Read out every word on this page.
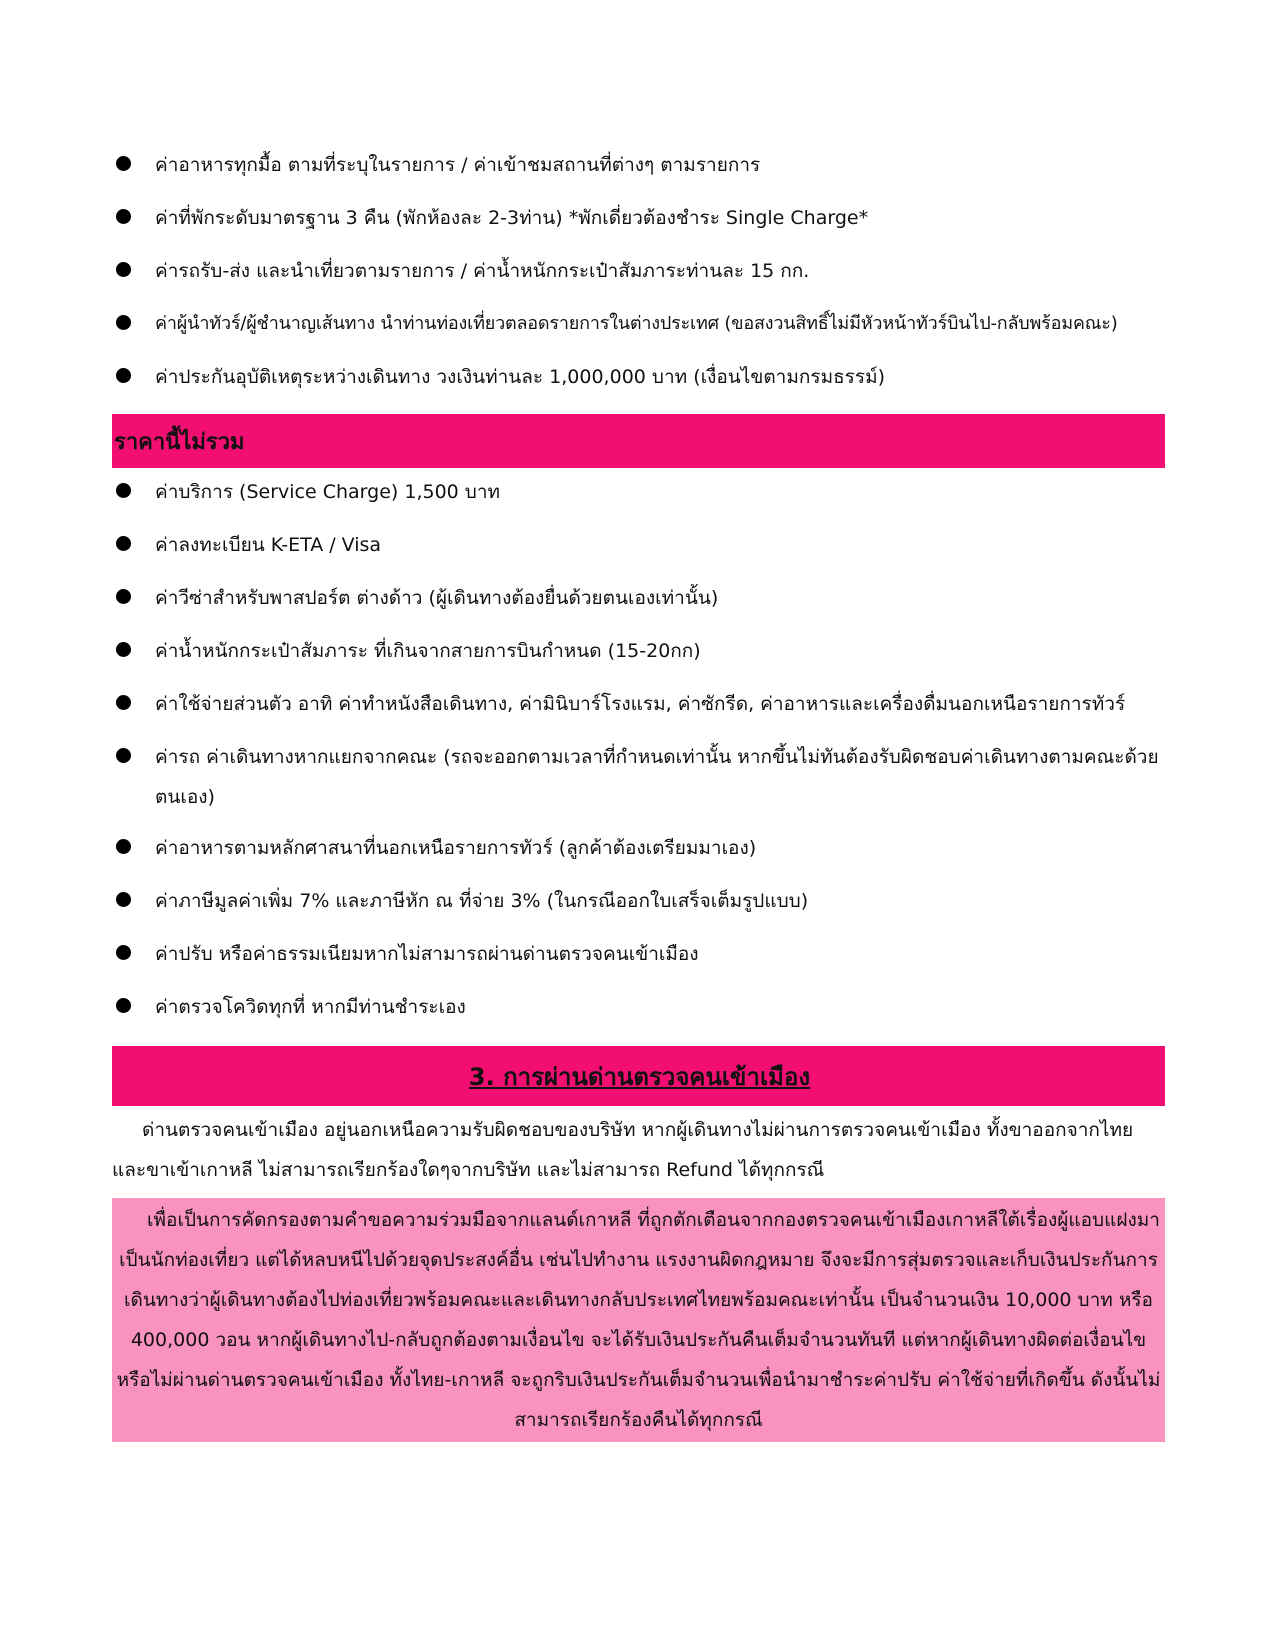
ค่าอาหารทุกมื้อ ตามที่ระบุในรายการ / ค่าเข้าชมสถานที่ต่างๆ ตามรายการ
ค่าที่พักระดับมาตรฐาน 3 คืน (พักห้องละ 2-3ท่าน) *พักเดี่ยวต้องชำระ Single Charge*
ค่ารถรับ-ส่ง และนำเที่ยวตามรายการ / ค่าน้ำหนักกระเป๋าสัมภาระท่านละ 15 กก.
ค่าผู้นำทัวร์/ผู้ชำนาญเส้นทาง นำท่านท่องเที่ยวตลอดรายการในต่างประเทศ (ขอสงวนสิทธิ์ไม่มีหัวหน้าทัวร์บินไป-กลับพร้อมคณะ)
ค่าประกันอุบัติเหตุระหว่างเดินทาง วงเงินท่านละ 1,000,000 บาท (เงื่อนไขตามกรมธรรม์)
ราคานี้ไม่รวม
ค่าบริการ (Service Charge) 1,500 บาท
ค่าลงทะเบียน K-ETA / Visa
ค่าวีซ่าสำหรับพาสปอร์ต ต่างด้าว (ผู้เดินทางต้องยื่นด้วยตนเองเท่านั้น)
ค่าน้ำหนักกระเป๋าสัมภาระ ที่เกินจากสายการบินกำหนด (15-20กก)
ค่าใช้จ่ายส่วนตัว อาทิ ค่าทำหนังสือเดินทาง, ค่ามินิบาร์โรงแรม, ค่าซักรีด, ค่าอาหารและเครื่องดื่มนอกเหนือรายการทัวร์
ค่ารถ ค่าเดินทางหากแยกจากคณะ (รถจะออกตามเวลาที่กำหนดเท่านั้น หากขึ้นไม่ทันต้องรับผิดชอบค่าเดินทางตามคณะด้วยตนเอง)
ค่าอาหารตามหลักศาสนาที่นอกเหนือรายการทัวร์ (ลูกค้าต้องเตรียมมาเอง)
ค่าภาษีมูลค่าเพิ่ม 7% และภาษีหัก ณ ที่จ่าย 3% (ในกรณีออกใบเสร็จเต็มรูปแบบ)
ค่าปรับ หรือค่าธรรมเนียมหากไม่สามารถผ่านด่านตรวจคนเข้าเมือง
ค่าตรวจโควิดทุกที่ หากมีท่านชำระเอง
3. การผ่านด่านตรวจคนเข้าเมือง

ด่านตรวจคนเข้าเมือง อยู่นอกเหนือความรับผิดชอบของบริษัท หากผู้เดินทางไม่ผ่านการตรวจคนเข้าเมือง ทั้งขาออกจากไทย และขาเข้าเกาหลี ไม่สามารถเรียกร้องใดๆจากบริษัท และไม่สามารถ Refund ได้ทุกกรณี

เพื่อเป็นการคัดกรองตามคำขอความร่วมมือจากแลนด์เกาหลี ที่ถูกตักเตือนจากกองตรวจคนเข้าเมืองเกาหลีใต้เรื่องผู้แอบแฝงมาเป็นนักท่องเที่ยว แต่ได้หลบหนีไปด้วยจุดประสงค์อื่น เช่นไปทำงาน แรงงานผิดกฎหมาย จึงจะมีการสุ่มตรวจและเก็บเงินประกันการเดินทางว่าผู้เดินทางต้องไปท่องเที่ยวพร้อมคณะและเดินทางกลับประเทศไทยพร้อมคณะเท่านั้น เป็นจำนวนเงิน 10,000 บาท หรือ 400,000 วอน หากผู้เดินทางไป-กลับถูกต้องตามเงื่อนไข จะได้รับเงินประกันคืนเต็มจำนวนทันที แต่หากผู้เดินทางผิดต่อเงื่อนไข หรือไม่ผ่านด่านตรวจคนเข้าเมือง ทั้งไทย-เกาหลี จะถูกริบเงินประกันเต็มจำนวนเพื่อนำมาชำระค่าปรับ ค่าใช้จ่ายที่เกิดขึ้น ดังนั้นไม่สามารถเรียกร้องคืนได้ทุกกรณี
